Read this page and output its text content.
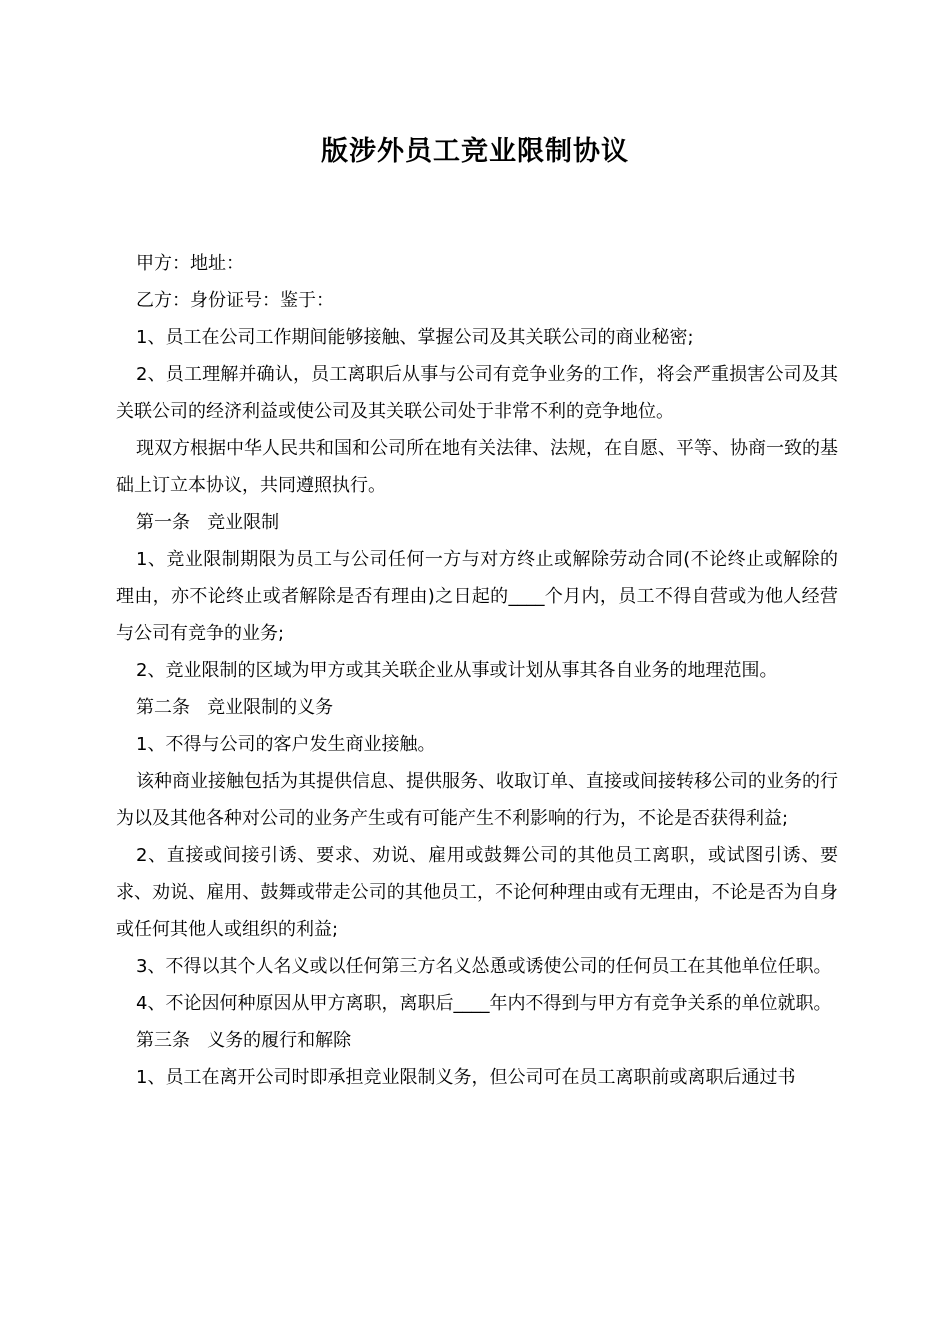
版涉外员工竞业限制协议

甲方：地址：

乙方：身份证号：鉴于：

1、员工在公司工作期间能够接触、掌握公司及其关联公司的商业秘密;

2、员工理解并确认，员工离职后从事与公司有竞争业务的工作，将会严重损害公司及其关联公司的经济利益或使公司及其关联公司处于非常不利的竞争地位。

现双方根据中华人民共和国和公司所在地有关法律、法规，在自愿、平等、协商一致的基础上订立本协议，共同遵照执行。

第一条   竞业限制

1、竞业限制期限为员工与公司任何一方与对方终止或解除劳动合同(不论终止或解除的理由，亦不论终止或者解除是否有理由)之日起的____个月内，员工不得自营或为他人经营与公司有竞争的业务;

2、竞业限制的区域为甲方或其关联企业从事或计划从事其各自业务的地理范围。

第二条   竞业限制的义务

1、不得与公司的客户发生商业接触。

该种商业接触包括为其提供信息、提供服务、收取订单、直接或间接转移公司的业务的行为以及其他各种对公司的业务产生或有可能产生不利影响的行为，不论是否获得利益;

2、直接或间接引诱、要求、劝说、雇用或鼓舞公司的其他员工离职，或试图引诱、要求、劝说、雇用、鼓舞或带走公司的其他员工，不论何种理由或有无理由，不论是否为自身或任何其他人或组织的利益;

3、不得以其个人名义或以任何第三方名义怂恿或诱使公司的任何员工在其他单位任职。

4、不论因何种原因从甲方离职，离职后____年内不得到与甲方有竞争关系的单位就职。

第三条   义务的履行和解除

1、员工在离开公司时即承担竞业限制义务，但公司可在员工离职前或离职后通过书
